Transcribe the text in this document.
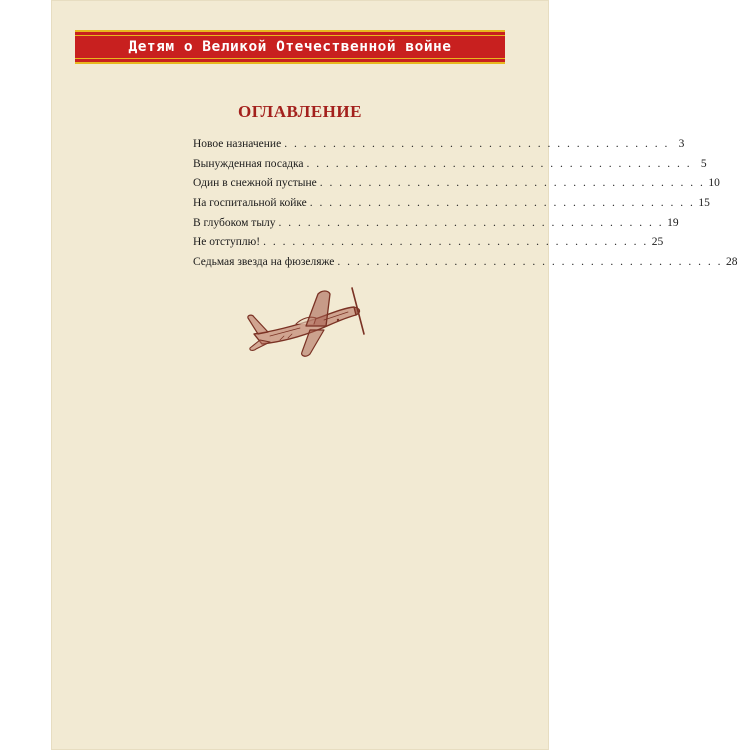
Детям о Великой Отечественной войне
ОГЛАВЛЕНИЕ
Новое назначение . . . . . . . . . . . . . . . . . . . . . . . . . . . . . . . . . . . . . . . . 3
Вынужденная посадка . . . . . . . . . . . . . . . . . . . . . . . . . . . . . . . . . . . . . . . . 5
Один в снежной пустыне . . . . . . . . . . . . . . . . . . . . . . . . . . . . . . . . . . . . . . . . 10
На госпитальной койке . . . . . . . . . . . . . . . . . . . . . . . . . . . . . . . . . . . . . . . . 15
В глубоком тылу . . . . . . . . . . . . . . . . . . . . . . . . . . . . . . . . . . . . . . . . 19
Не отступлю! . . . . . . . . . . . . . . . . . . . . . . . . . . . . . . . . . . . . . . . . 25
Седьмая звезда на фюзеляже . . . . . . . . . . . . . . . . . . . . . . . . . . . . . . . . . . . . . . . . 28
